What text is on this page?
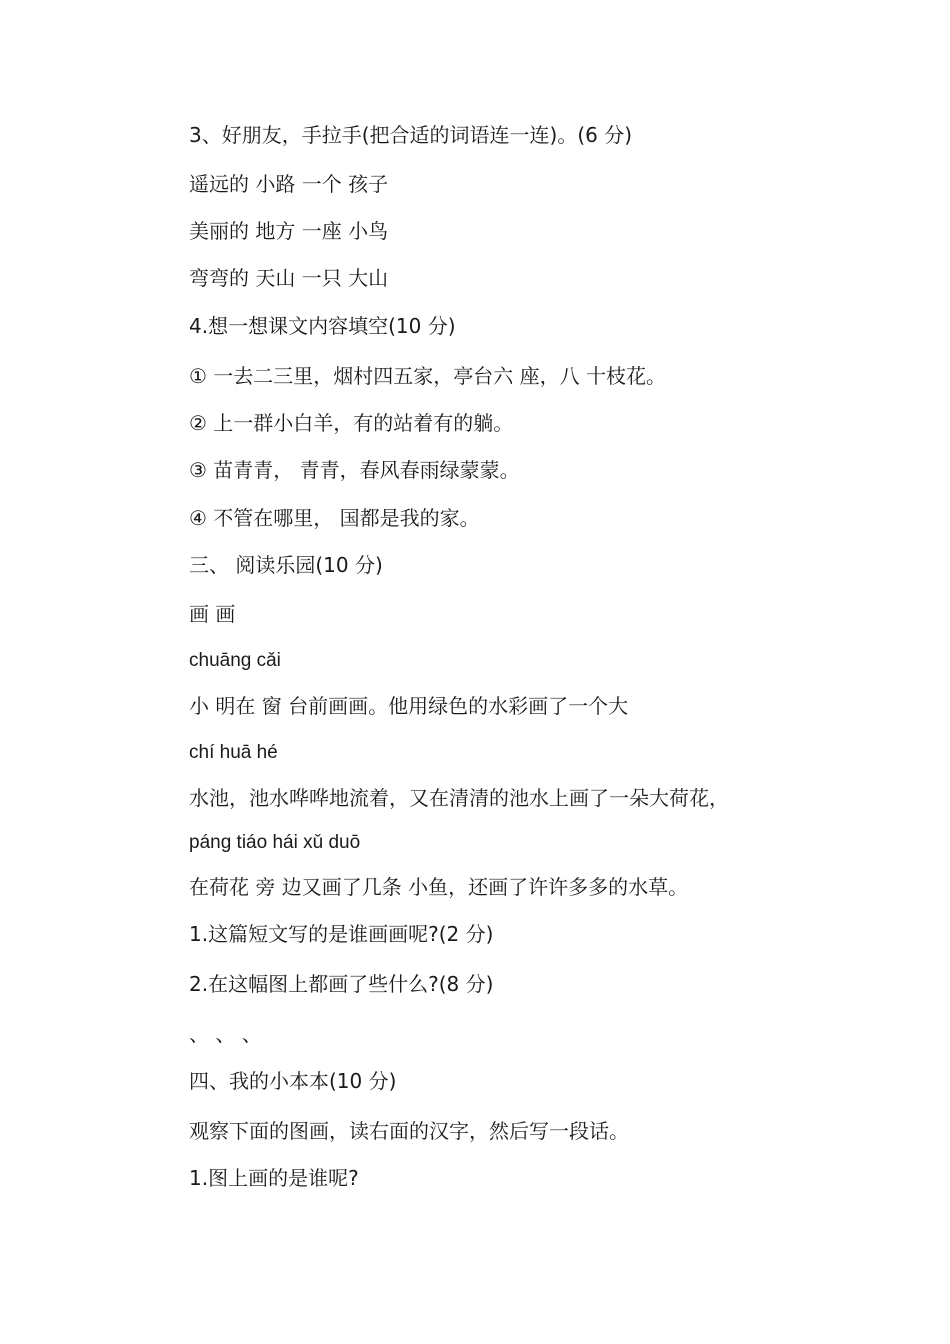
3、好朋友，手拉手(把合适的词语连一连)。(6 分)
遥远的 小路 一个 孩子
美丽的 地方 一座 小鸟
弯弯的 天山 一只 大山
4.想一想课文内容填空(10 分)
① 一去二三里，烟村四五家，亭台六 座，八 十枝花。
② 上一群小白羊，有的站着有的躺。
③ 苗青青， 青青，春风春雨绿蒙蒙。
④ 不管在哪里， 国都是我的家。
三、 阅读乐园(10 分)
画 画
chuāng cǎi
小 明在 窗 台前画画。他用绿色的水彩画了一个大
chí huā hé
水池，池水哗哗地流着，又在清清的池水上画了一朵大荷花，
páng tiáo hái xǔ duō
在荷花 旁 边又画了几条 小鱼，还画了许许多多的水草。
1.这篇短文写的是谁画画呢?(2 分)
2.在这幅图上都画了些什么?(8 分)
、 、 、
四、我的小本本(10 分)
观察下面的图画，读右面的汉字，然后写一段话。
1.图上画的是谁呢?
